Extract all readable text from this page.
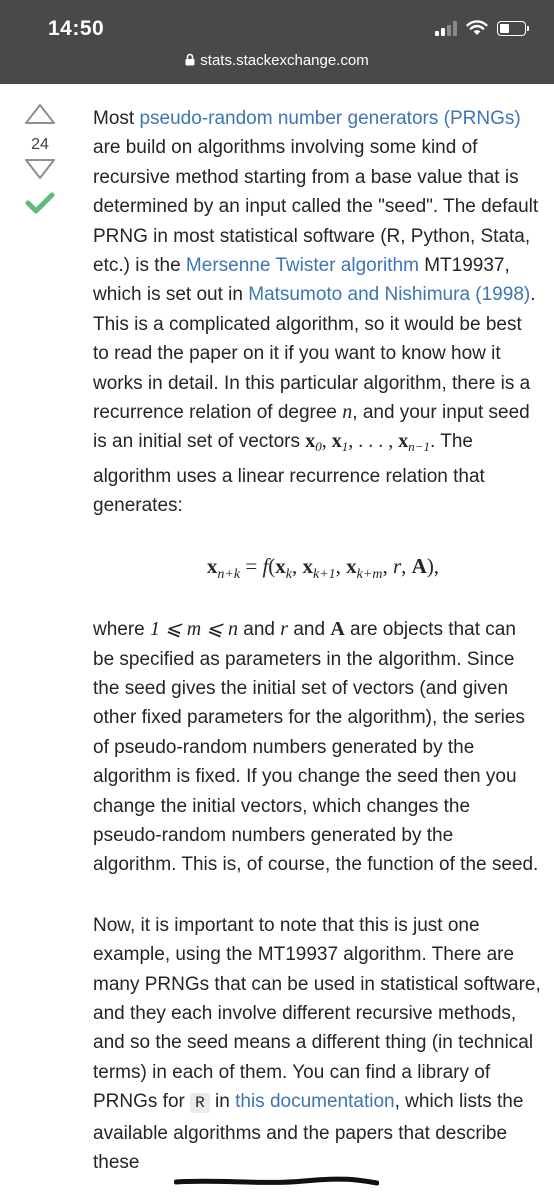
14:50
stats.stackexchange.com
24

Most pseudo-random number generators (PRNGs) are build on algorithms involving some kind of recursive method starting from a base value that is determined by an input called the "seed". The default PRNG in most statistical software (R, Python, Stata, etc.) is the Mersenne Twister algorithm MT19937, which is set out in Matsumoto and Nishimura (1998). This is a complicated algorithm, so it would be best to read the paper on it if you want to know how it works in detail. In this particular algorithm, there is a recurrence relation of degree n, and your input seed is an initial set of vectors $x_0$, $x_1$, . . . , $x_{n-1}$. The algorithm uses a linear recurrence relation that generates:

$x_{n+k} = f(x_k$, $x_{k+1}$, $x_{k+m}$, r, A),

where 1 ⩽ m ⩽ n and r and A are objects that can be specified as parameters in the algorithm. Since the seed gives the initial set of vectors (and given other fixed parameters for the algorithm), the series of pseudo-random numbers generated by the algorithm is fixed. If you change the seed then you change the initial vectors, which changes the pseudo-random numbers generated by the algorithm. This is, of course, the function of the seed.

Now, it is important to note that this is just one example, using the MT19937 algorithm. There are many PRNGs that can be used in statistical software, and they each involve different recursive methods, and so the seed means a different thing (in technical terms) in each of them. You can find a library of PRNGs for R in this documentation, which lists the available algorithms and the papers that describe these
